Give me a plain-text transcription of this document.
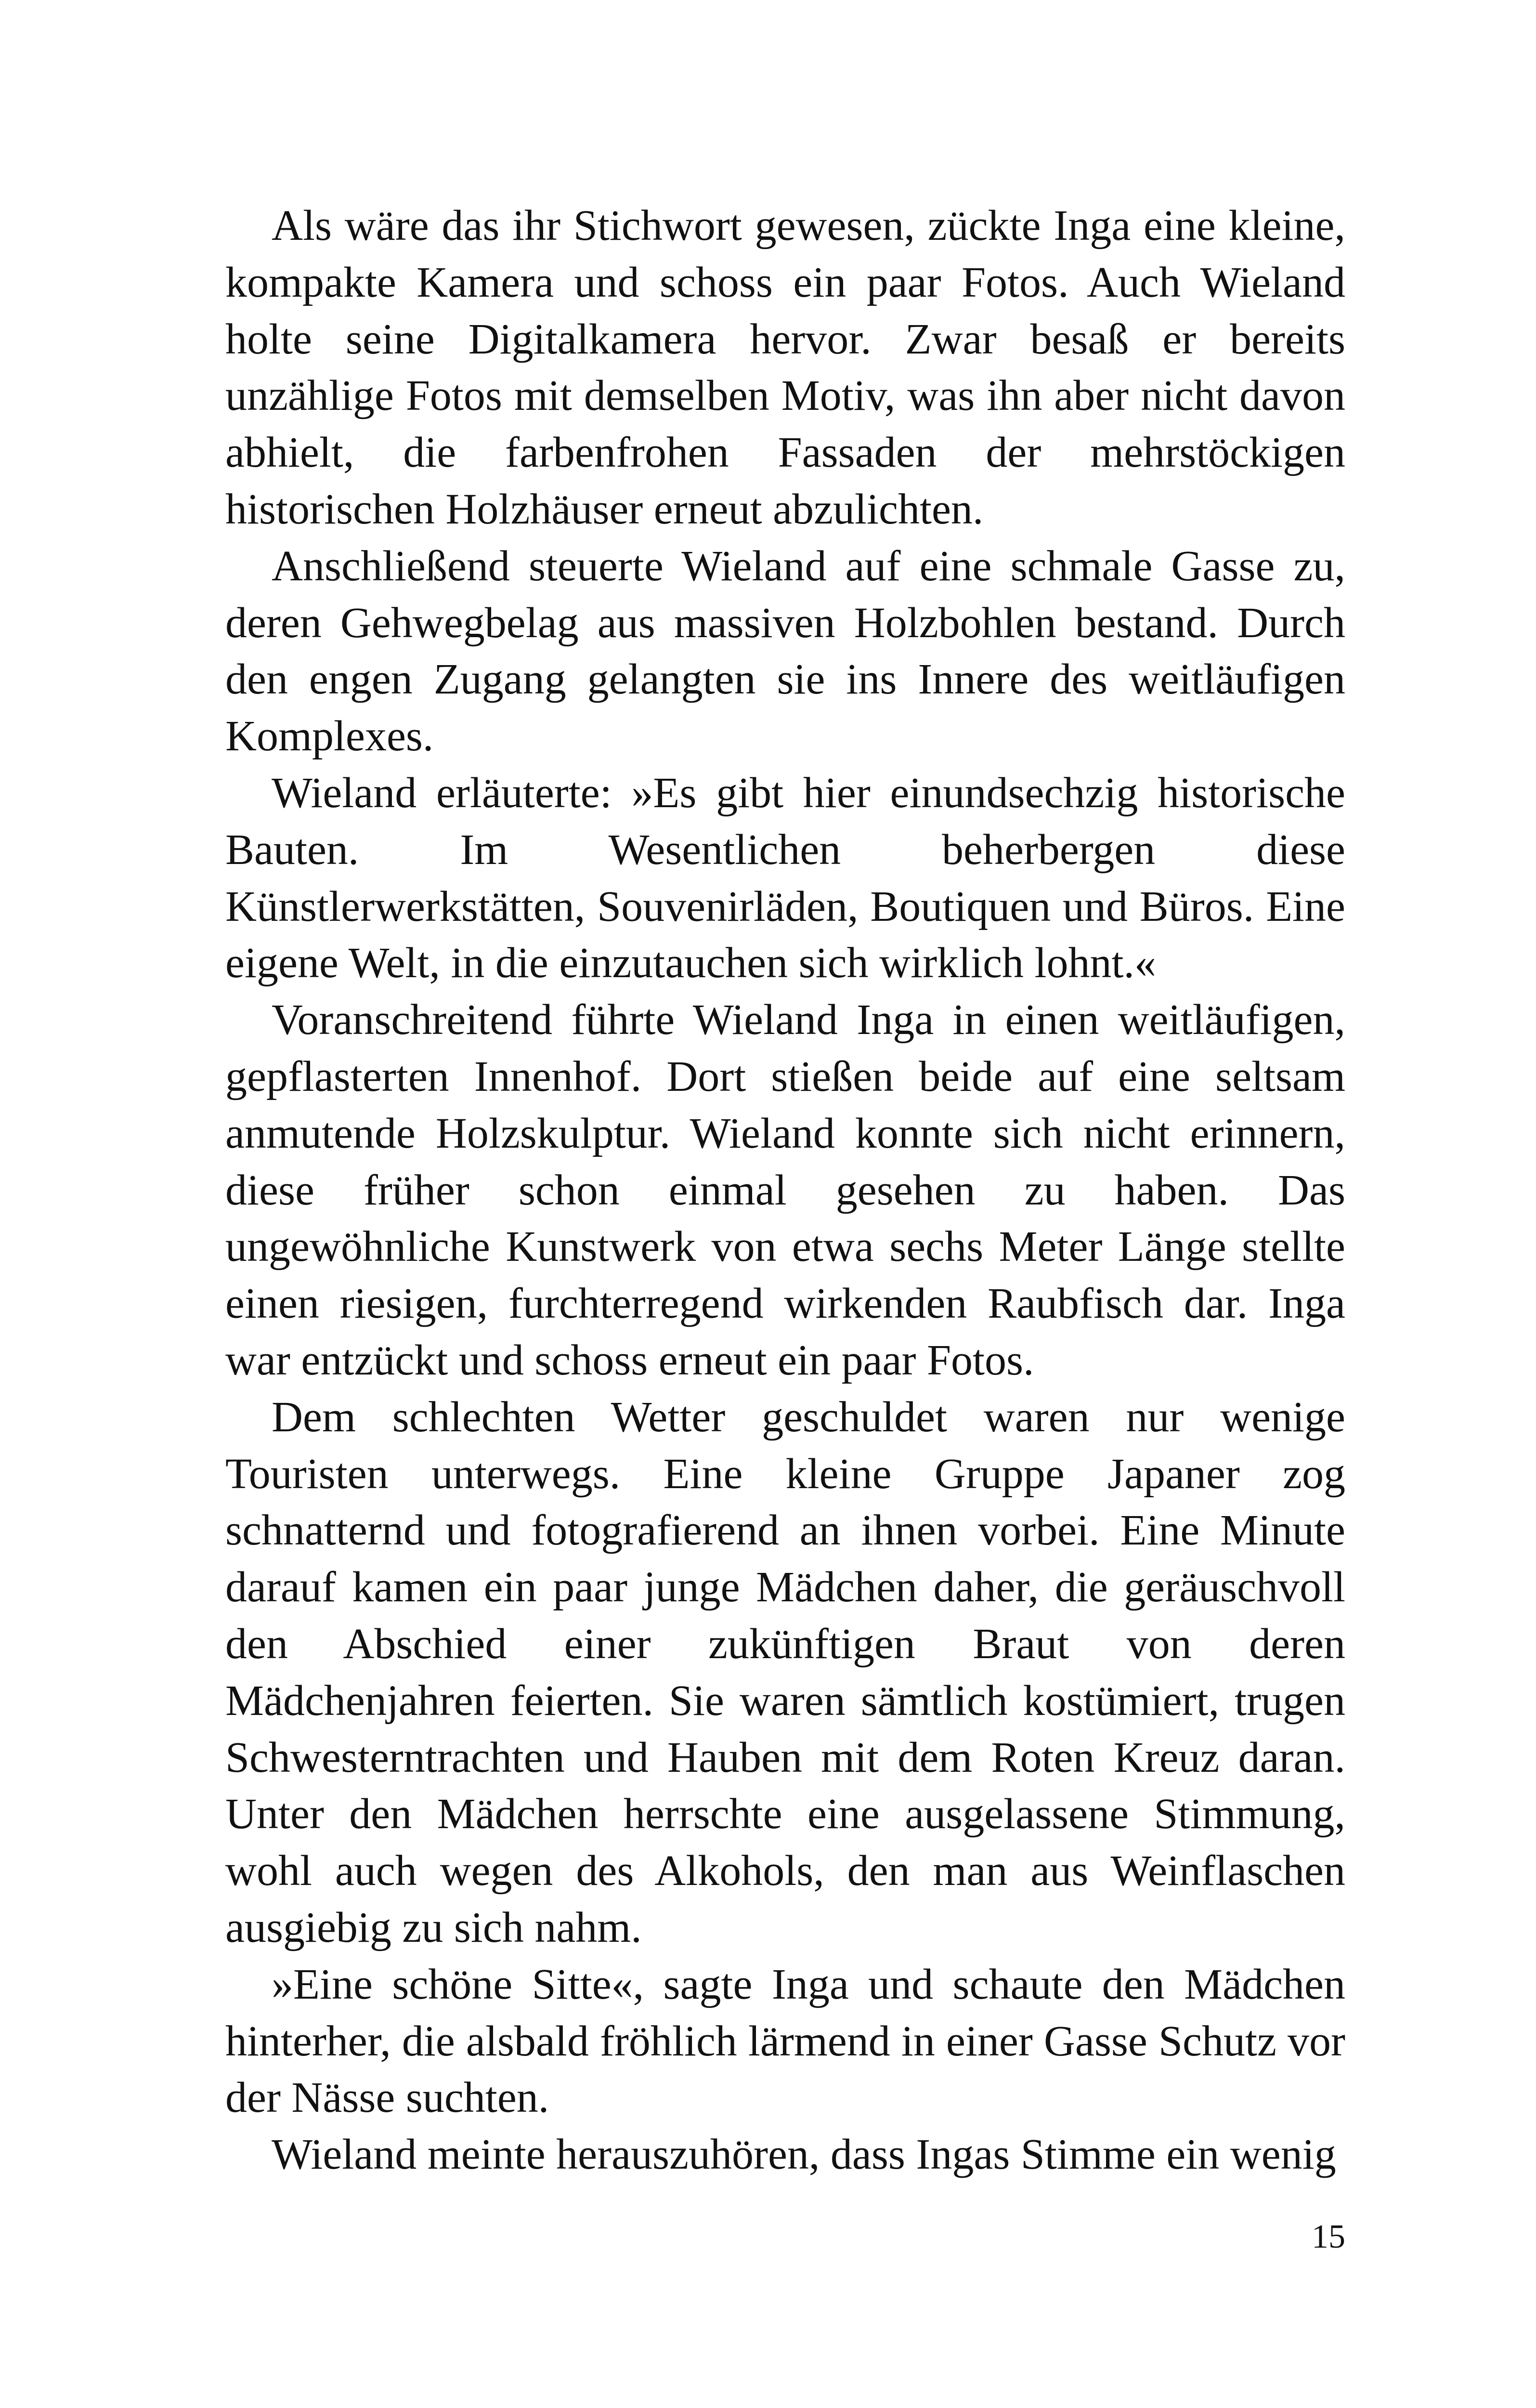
Als wäre das ihr Stichwort gewesen, zückte Inga eine kleine, kompakte Kamera und schoss ein paar Fotos. Auch Wieland holte seine Digitalkamera hervor. Zwar besaß er bereits unzählige Fotos mit demselben Motiv, was ihn aber nicht davon abhielt, die farbenfrohen Fassaden der mehrstöckigen historischen Holzhäuser erneut abzulichten.

Anschließend steuerte Wieland auf eine schmale Gasse zu, deren Gehwegbelag aus massiven Holzbohlen bestand. Durch den engen Zugang gelangten sie ins Innere des weitläufigen Komplexes.

Wieland erläuterte: »Es gibt hier einundsechzig historische Bauten. Im Wesentlichen beherbergen diese Künstlerwerkstätten, Souvenirläden, Boutiquen und Büros. Eine eigene Welt, in die einzutauchen sich wirklich lohnt.«

Voranschreitend führte Wieland Inga in einen weitläufigen, gepflasterten Innenhof. Dort stießen beide auf eine seltsam anmutende Holzskulptur. Wieland konnte sich nicht erinnern, diese früher schon einmal gesehen zu haben. Das ungewöhnliche Kunstwerk von etwa sechs Meter Länge stellte einen riesigen, furchterregend wirkenden Raubfisch dar. Inga war entzückt und schoss erneut ein paar Fotos.

Dem schlechten Wetter geschuldet waren nur wenige Touristen unterwegs. Eine kleine Gruppe Japaner zog schnatternd und fotografierend an ihnen vorbei. Eine Minute darauf kamen ein paar junge Mädchen daher, die geräuschvoll den Abschied einer zukünftigen Braut von deren Mädchenjahren feierten. Sie waren sämtlich kostümiert, trugen Schwesterntrachten und Hauben mit dem Roten Kreuz daran. Unter den Mädchen herrschte eine ausgelassene Stimmung, wohl auch wegen des Alkohols, den man aus Weinflaschen ausgiebig zu sich nahm.

»Eine schöne Sitte«, sagte Inga und schaute den Mädchen hinterher, die alsbald fröhlich lärmend in einer Gasse Schutz vor der Nässe suchten.

Wieland meinte herauszuhören, dass Ingas Stimme ein wenig

15
